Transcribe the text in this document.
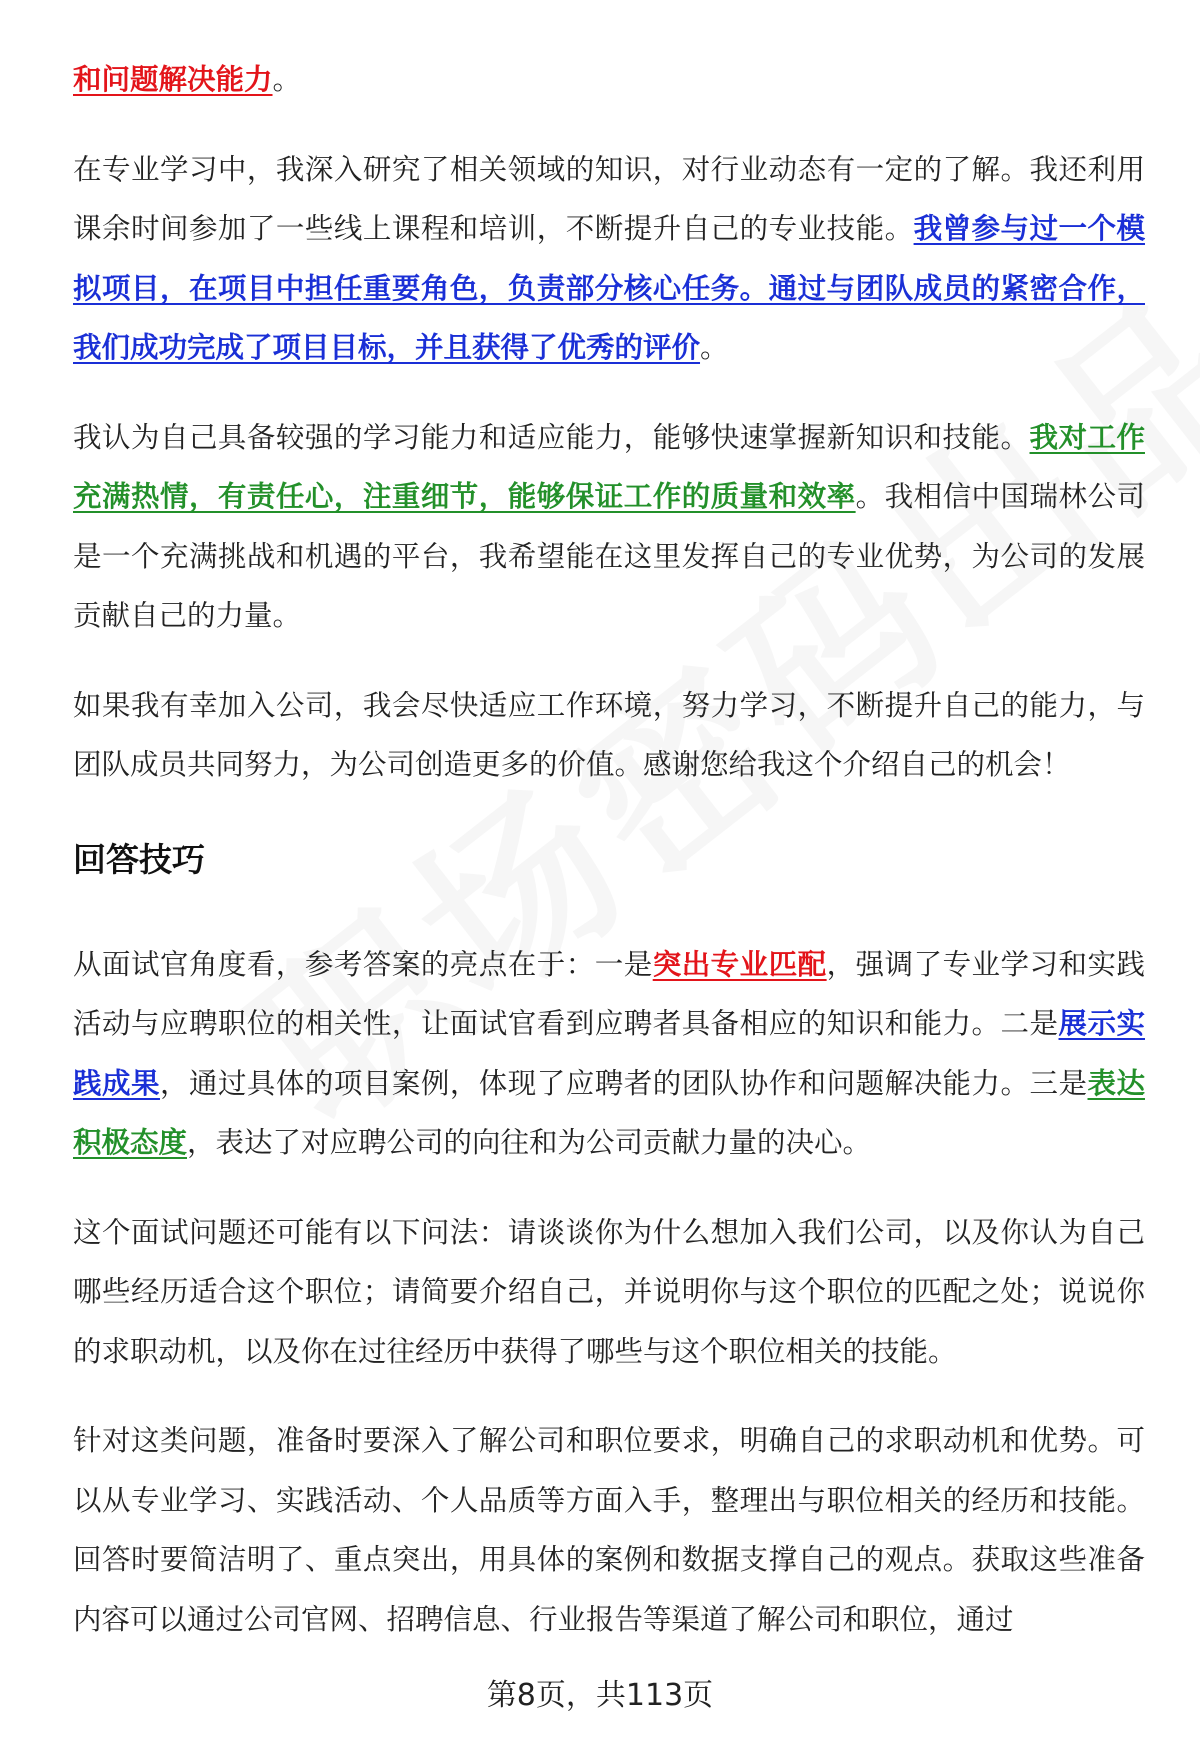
和问题解决能力。

在专业学习中，我深入研究了相关领域的知识，对行业动态有一定的了解。我还利用课余时间参加了一些线上课程和培训，不断提升自己的专业技能。我曾参与过一个模拟项目，在项目中担任重要角色，负责部分核心任务。通过与团队成员的紧密合作，我们成功完成了项目目标，并且获得了优秀的评价。

我认为自己具备较强的学习能力和适应能力，能够快速掌握新知识和技能。我对工作充满热情，有责任心，注重细节，能够保证工作的质量和效率。我相信中国瑞林公司是一个充满挑战和机遇的平台，我希望能在这里发挥自己的专业优势，为公司的发展贡献自己的力量。

如果我有幸加入公司，我会尽快适应工作环境，努力学习，不断提升自己的能力，与团队成员共同努力，为公司创造更多的价值。感谢您给我这个介绍自己的机会！

回答技巧

从面试官角度看，参考答案的亮点在于：一是突出专业匹配，强调了专业学习和实践活动与应聘职位的相关性，让面试官看到应聘者具备相应的知识和能力。二是展示实践成果，通过具体的项目案例，体现了应聘者的团队协作和问题解决能力。三是表达积极态度，表达了对应聘公司的向往和为公司贡献力量的决心。

这个面试问题还可能有以下问法：请谈谈你为什么想加入我们公司，以及你认为自己哪些经历适合这个职位；请简要介绍自己，并说明你与这个职位的匹配之处；说说你的求职动机，以及你在过往经历中获得了哪些与这个职位相关的技能。

针对这类问题，准备时要深入了解公司和职位要求，明确自己的求职动机和优势。可以从专业学习、实践活动、个人品质等方面入手，整理出与职位相关的经历和技能。回答时要简洁明了、重点突出，用具体的案例和数据支撑自己的观点。获取这些准备内容可以通过公司官网、招聘信息、行业报告等渠道了解公司和职位，通过

第8页，共113页
